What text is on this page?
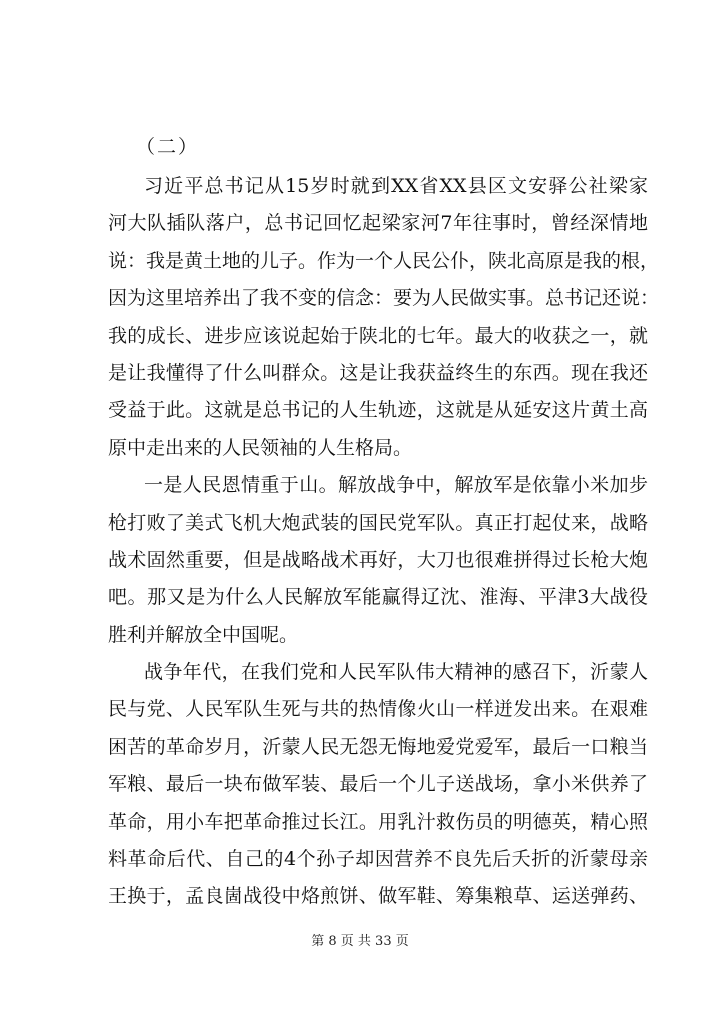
（二）

习近平总书记从15岁时就到XX省XX县区文安驿公社梁家
河大队插队落户，总书记回忆起梁家河7年往事时，曾经深情地
说：我是黄土地的儿子。作为一个人民公仆，陕北高原是我的根，
因为这里培养出了我不变的信念：要为人民做实事。总书记还说：
我的成长、进步应该说起始于陕北的七年。最大的收获之一，就
是让我懂得了什么叫群众。这是让我获益终生的东西。现在我还
受益于此。这就是总书记的人生轨迹，这就是从延安这片黄土高
原中走出来的人民领袖的人生格局。

一是人民恩情重于山。解放战争中，解放军是依靠小米加步
枪打败了美式飞机大炮武装的国民党军队。真正打起仗来，战略
战术固然重要，但是战略战术再好，大刀也很难拼得过长枪大炮
吧。那又是为什么人民解放军能赢得辽沈、淮海、平津3大战役
胜利并解放全中国呢。

战争年代，在我们党和人民军队伟大精神的感召下，沂蒙人
民与党、人民军队生死与共的热情像火山一样迸发出来。在艰难
困苦的革命岁月，沂蒙人民无怨无悔地爱党爱军，最后一口粮当
军粮、最后一块布做军装、最后一个儿子送战场，拿小米供养了
革命，用小车把革命推过长江。用乳汁救伤员的明德英，精心照
料革命后代、自己的4个孙子却因营养不良先后夭折的沂蒙母亲
王换于，孟良崮战役中烙煎饼、做军鞋、筹集粮草、运送弹药、

第 8 页 共 33 页
